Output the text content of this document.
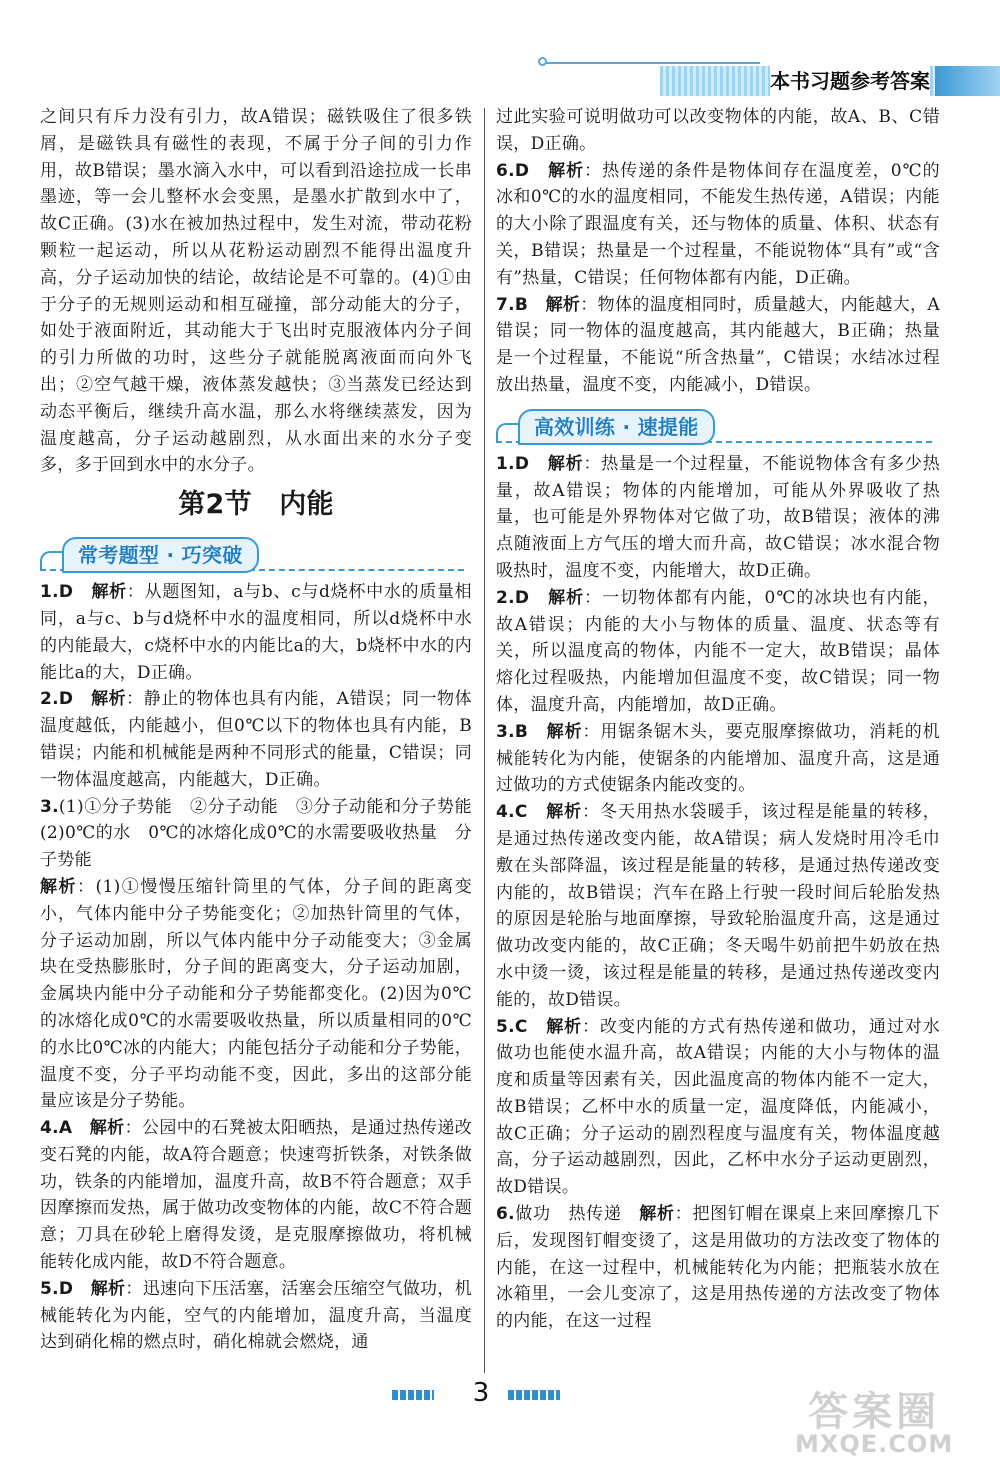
本书习题参考答案

之间只有斥力没有引力，故A错误；磁铁吸住了很多铁屑，是磁铁具有磁性的表现，不属于分子间的引力作用，故B错误；墨水滴入水中，可以看到沿途拉成一长串墨迹，等一会儿整杯水会变黑，是墨水扩散到水中了，故C正确。(3)水在被加热过程中，发生对流，带动花粉颗粒一起运动，所以从花粉运动剧烈不能得出温度升高，分子运动加快的结论，故结论是不可靠的。(4)①由于分子的无规则运动和相互碰撞，部分动能大的分子，如处于液面附近，其动能大于飞出时克服液体内分子间的引力所做的功时，这些分子就能脱离液面而向外飞出；②空气越干燥，液体蒸发越快；③当蒸发已经达到动态平衡后，继续升高水温，那么水将继续蒸发，因为温度越高，分子运动越剧烈，从水面出来的水分子变多，多于回到水中的水分子。

第2节　内能
常考题型 · 巧突破

1.D　 解析：从题图知，a与b、c与d烧杯中水的质量相同，a与c、b与d烧杯中水的温度相同，所以d烧杯中水的内能最大，c烧杯中水的内能比a的大，b烧杯中水的内能比a的大，D正确。

2.D　 解析：静止的物体也具有内能，A错误；同一物体温度越低，内能越小，但0℃以下的物体也具有内能，B错误；内能和机械能是两种不同形式的能量，C错误；同一物体温度越高，内能越大，D正确。

3.(1)①分子势能　②分子动能　③分子动能和分子势能　(2)0℃的水　0℃的冰熔化成0℃的水需要吸收热量　分子势能

解析：(1)①慢慢压缩针筒里的气体，分子间的距离变小，气体内能中分子势能变化；②加热针筒里的气体，分子运动加剧，所以气体内能中分子动能变大；③金属块在受热膨胀时，分子间的距离变大，分子运动加剧，金属块内能中分子动能和分子势能都变化。(2)因为0℃的冰熔化成0℃的水需要吸收热量，所以质量相同的0℃的水比0℃冰的内能大；内能包括分子动能和分子势能，温度不变，分子平均动能不变，因此，多出的这部分能量应该是分子势能。

4.A　 解析：公园中的石凳被太阳晒热，是通过热传递改变石凳的内能，故A符合题意；快速弯折铁条，对铁条做功，铁条的内能增加，温度升高，故B不符合题意；双手因摩擦而发热，属于做功改变物体的内能，故C不符合题意；刀具在砂轮上磨得发烫，是克服摩擦做功，将机械能转化成内能，故D不符合题意。

5.D　 解析：迅速向下压活塞，活塞会压缩空气做功，机械能转化为内能，空气的内能增加，温度升高，当温度达到硝化棉的燃点时，硝化棉就会燃烧，通

过此实验可说明做功可以改变物体的内能，故A、B、C错误，D正确。

6.D　 解析：热传递的条件是物体间存在温度差，0℃的冰和0℃的水的温度相同，不能发生热传递，A错误；内能的大小除了跟温度有关，还与物体的质量、体积、状态有关，B错误；热量是一个过程量，不能说物体“具有”或“含有”热量，C错误；任何物体都有内能，D正确。

7.B　 解析：物体的温度相同时，质量越大，内能越大，A错误；同一物体的温度越高，其内能越大，B正确；热量是一个过程量，不能说“所含热量”，C错误；水结冰过程放出热量，温度不变，内能减小，D错误。

高效训练 · 速提能

1.D　 解析：热量是一个过程量，不能说物体含有多少热量，故A错误；物体的内能增加，可能从外界吸收了热量，也可能是外界物体对它做了功，故B错误；液体的沸点随液面上方气压的增大而升高，故C错误；冰水混合物吸热时，温度不变，内能增大，故D正确。

2.D　 解析：一切物体都有内能，0℃的冰块也有内能，故A错误；内能的大小与物体的质量、温度、状态等有关，所以温度高的物体，内能不一定大，故B错误；晶体熔化过程吸热，内能增加但温度不变，故C错误；同一物体，温度升高，内能增加，故D正确。

3.B　 解析：用锯条锯木头，要克服摩擦做功，消耗的机械能转化为内能，使锯条的内能增加、温度升高，这是通过做功的方式使锯条内能改变的。

4.C　 解析：冬天用热水袋暖手，该过程是能量的转移，是通过热传递改变内能，故A错误；病人发烧时用冷毛巾敷在头部降温，该过程是能量的转移，是通过热传递改变内能的，故B错误；汽车在路上行驶一段时间后轮胎发热的原因是轮胎与地面摩擦，导致轮胎温度升高，这是通过做功改变内能的，故C正确；冬天喝牛奶前把牛奶放在热水中烫一烫，该过程是能量的转移，是通过热传递改变内能的，故D错误。

5.C　 解析：改变内能的方式有热传递和做功，通过对水做功也能使水温升高，故A错误；内能的大小与物体的温度和质量等因素有关，因此温度高的物体内能不一定大，故B错误；乙杯中水的质量一定，温度降低，内能减小，故C正确；分子运动的剧烈程度与温度有关，物体温度越高，分子运动越剧烈，因此，乙杯中水分子运动更剧烈，故D错误。

6.做功　热传递　解析：把图钉帽在课桌上来回摩擦几下后，发现图钉帽变烫了，这是用做功的方法改变了物体的内能，在这一过程中，机械能转化为内能；把瓶装水放在冰箱里，一会儿变凉了，这是用热传递的方法改变了物体的内能，在这一过程

3	答案圈
MXQE.COM
